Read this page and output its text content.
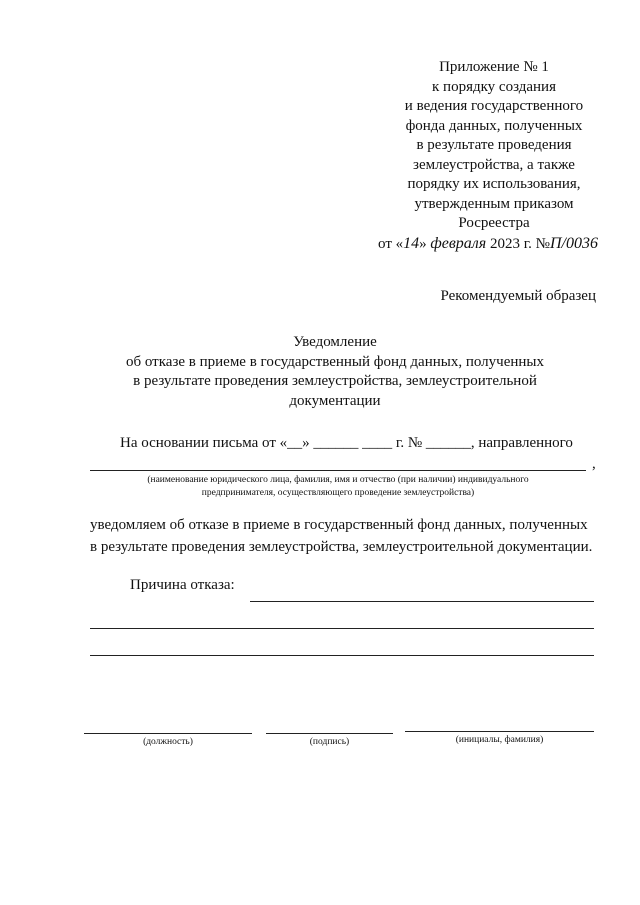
Приложение № 1
к порядку создания
и ведения государственного
фонда данных, полученных
в результате проведения
землеустройства, а также
порядку их использования,
утвержденным приказом
Росреестра
от «14» февраля 2023 г. №П/0036
Рекомендуемый образец
Уведомление
об отказе в приеме в государственный фонд данных, полученных
в результате проведения землеустройства, землеустроительной
документации
На основании письма от «__» ______ ____ г. № ______, направленного
,
(наименование юридического лица, фамилия, имя и отчество (при наличии) индивидуального
предпринимателя, осуществляющего проведение землеустройства)
уведомляем об отказе в приеме в государственный фонд данных, полученных
в результате проведения землеустройства, землеустроительной документации.
Причина отказа:
(должность)	(подпись)	(инициалы, фамилия)
